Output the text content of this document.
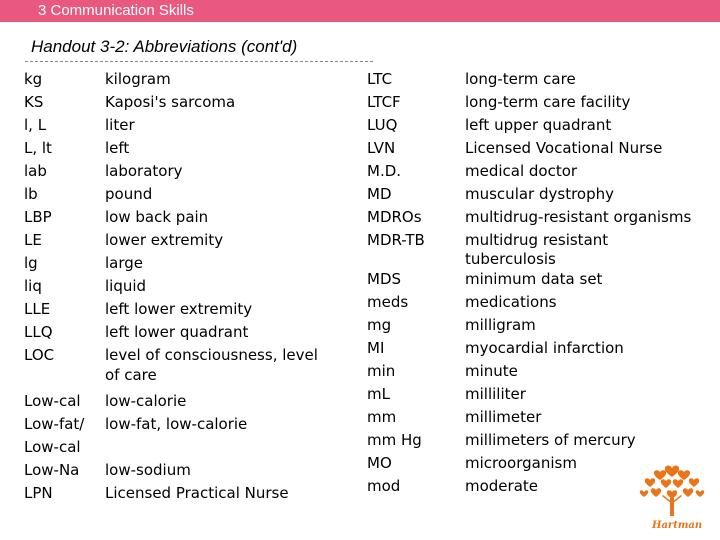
3 Communication Skills
Handout 3-2: Abbreviations (cont'd)
kg
KS
l, L
L, lt
lab
lb
LBP
LE
lg
liq
LLE
LLQ
LOC
Low-cal
Low-fat/
Low-cal
Low-Na
LPN
kilogram
Kaposi's sarcoma
liter
left
laboratory
pound
low back pain
lower extremity
large
liquid
left lower extremity
left lower quadrant
level of consciousness, level
of care
low-calorie
low-fat, low-calorie
low-sodium
Licensed Practical Nurse
LTC
LTCF
LUQ
LVN
M.D.
MD
MDROs
MDR-TB
MDS
meds
mg
MI
min
mL
mm
mm Hg
MO
mod
long-term care
long-term care facility
left upper quadrant
Licensed Vocational Nurse
medical doctor
muscular dystrophy
multidrug-resistant organisms
multidrug resistant
tuberculosis
minimum data set
medications
milligram
myocardial infarction
minute
milliliter
millimeter
millimeters of mercury
microorganism
moderate
Hartman
